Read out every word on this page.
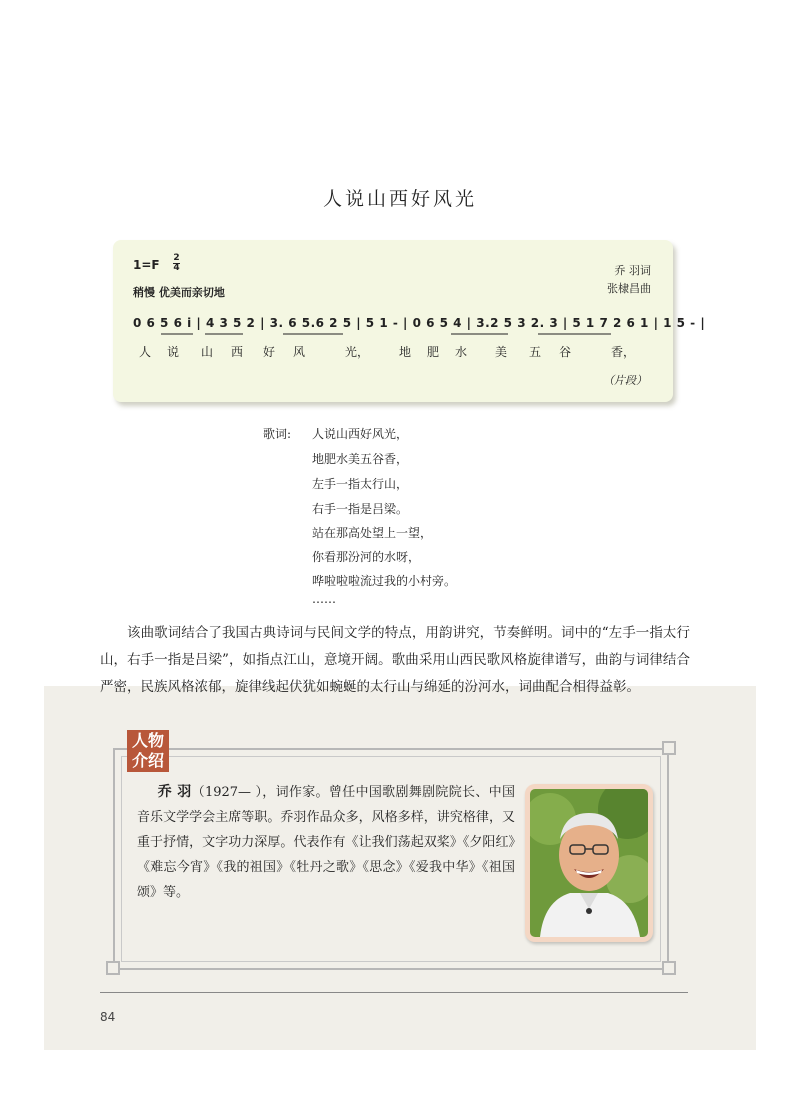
人说山西好风光
1=F 2
4
稍慢 优美而亲切地
乔 羽词
张棣昌曲
0 6 5 6 i | 4 3 5 2 | 3. 6 5.6 2 5 | 5 1 - | 0 6 5 4 | 3.2 5 3 2. 3 | 5 1 7 2 6 1 | 1 5 - |
人 说 山 西 好 风	光， 地 肥 水 美 五 谷	香，
（片段）
歌词: 人说山西好风光，
地肥水美五谷香，
左手一指太行山，
右手一指是吕梁。
站在那高处望上一望，
你看那汾河的水呀，
哗啦啦啦流过我的小村旁。
……
该曲歌词结合了我国古典诗词与民间文学的特点，用韵讲究，节奏鲜明。词中的“左手一指太行山，右手一指是吕梁”，如指点江山，意境开阔。歌曲采用山西民歌风格旋律谱写，曲韵与词律结合严密，民族风格浓郁，旋律线起伏犹如蜿蜒的太行山与绵延的汾河水，词曲配合相得益彰。
人物
介绍
乔 羽（1927— ），词作家。曾任中国歌剧舞剧院院长、中国音乐文学学会主席等职。乔羽作品众多，风格多样，讲究格律，又重于抒情，文字功力深厚。代表作有《让我们荡起双桨》《夕阳红》《难忘今宵》《我的祖国》《牡丹之歌》《思念》《爱我中华》《祖国颂》等。
84
